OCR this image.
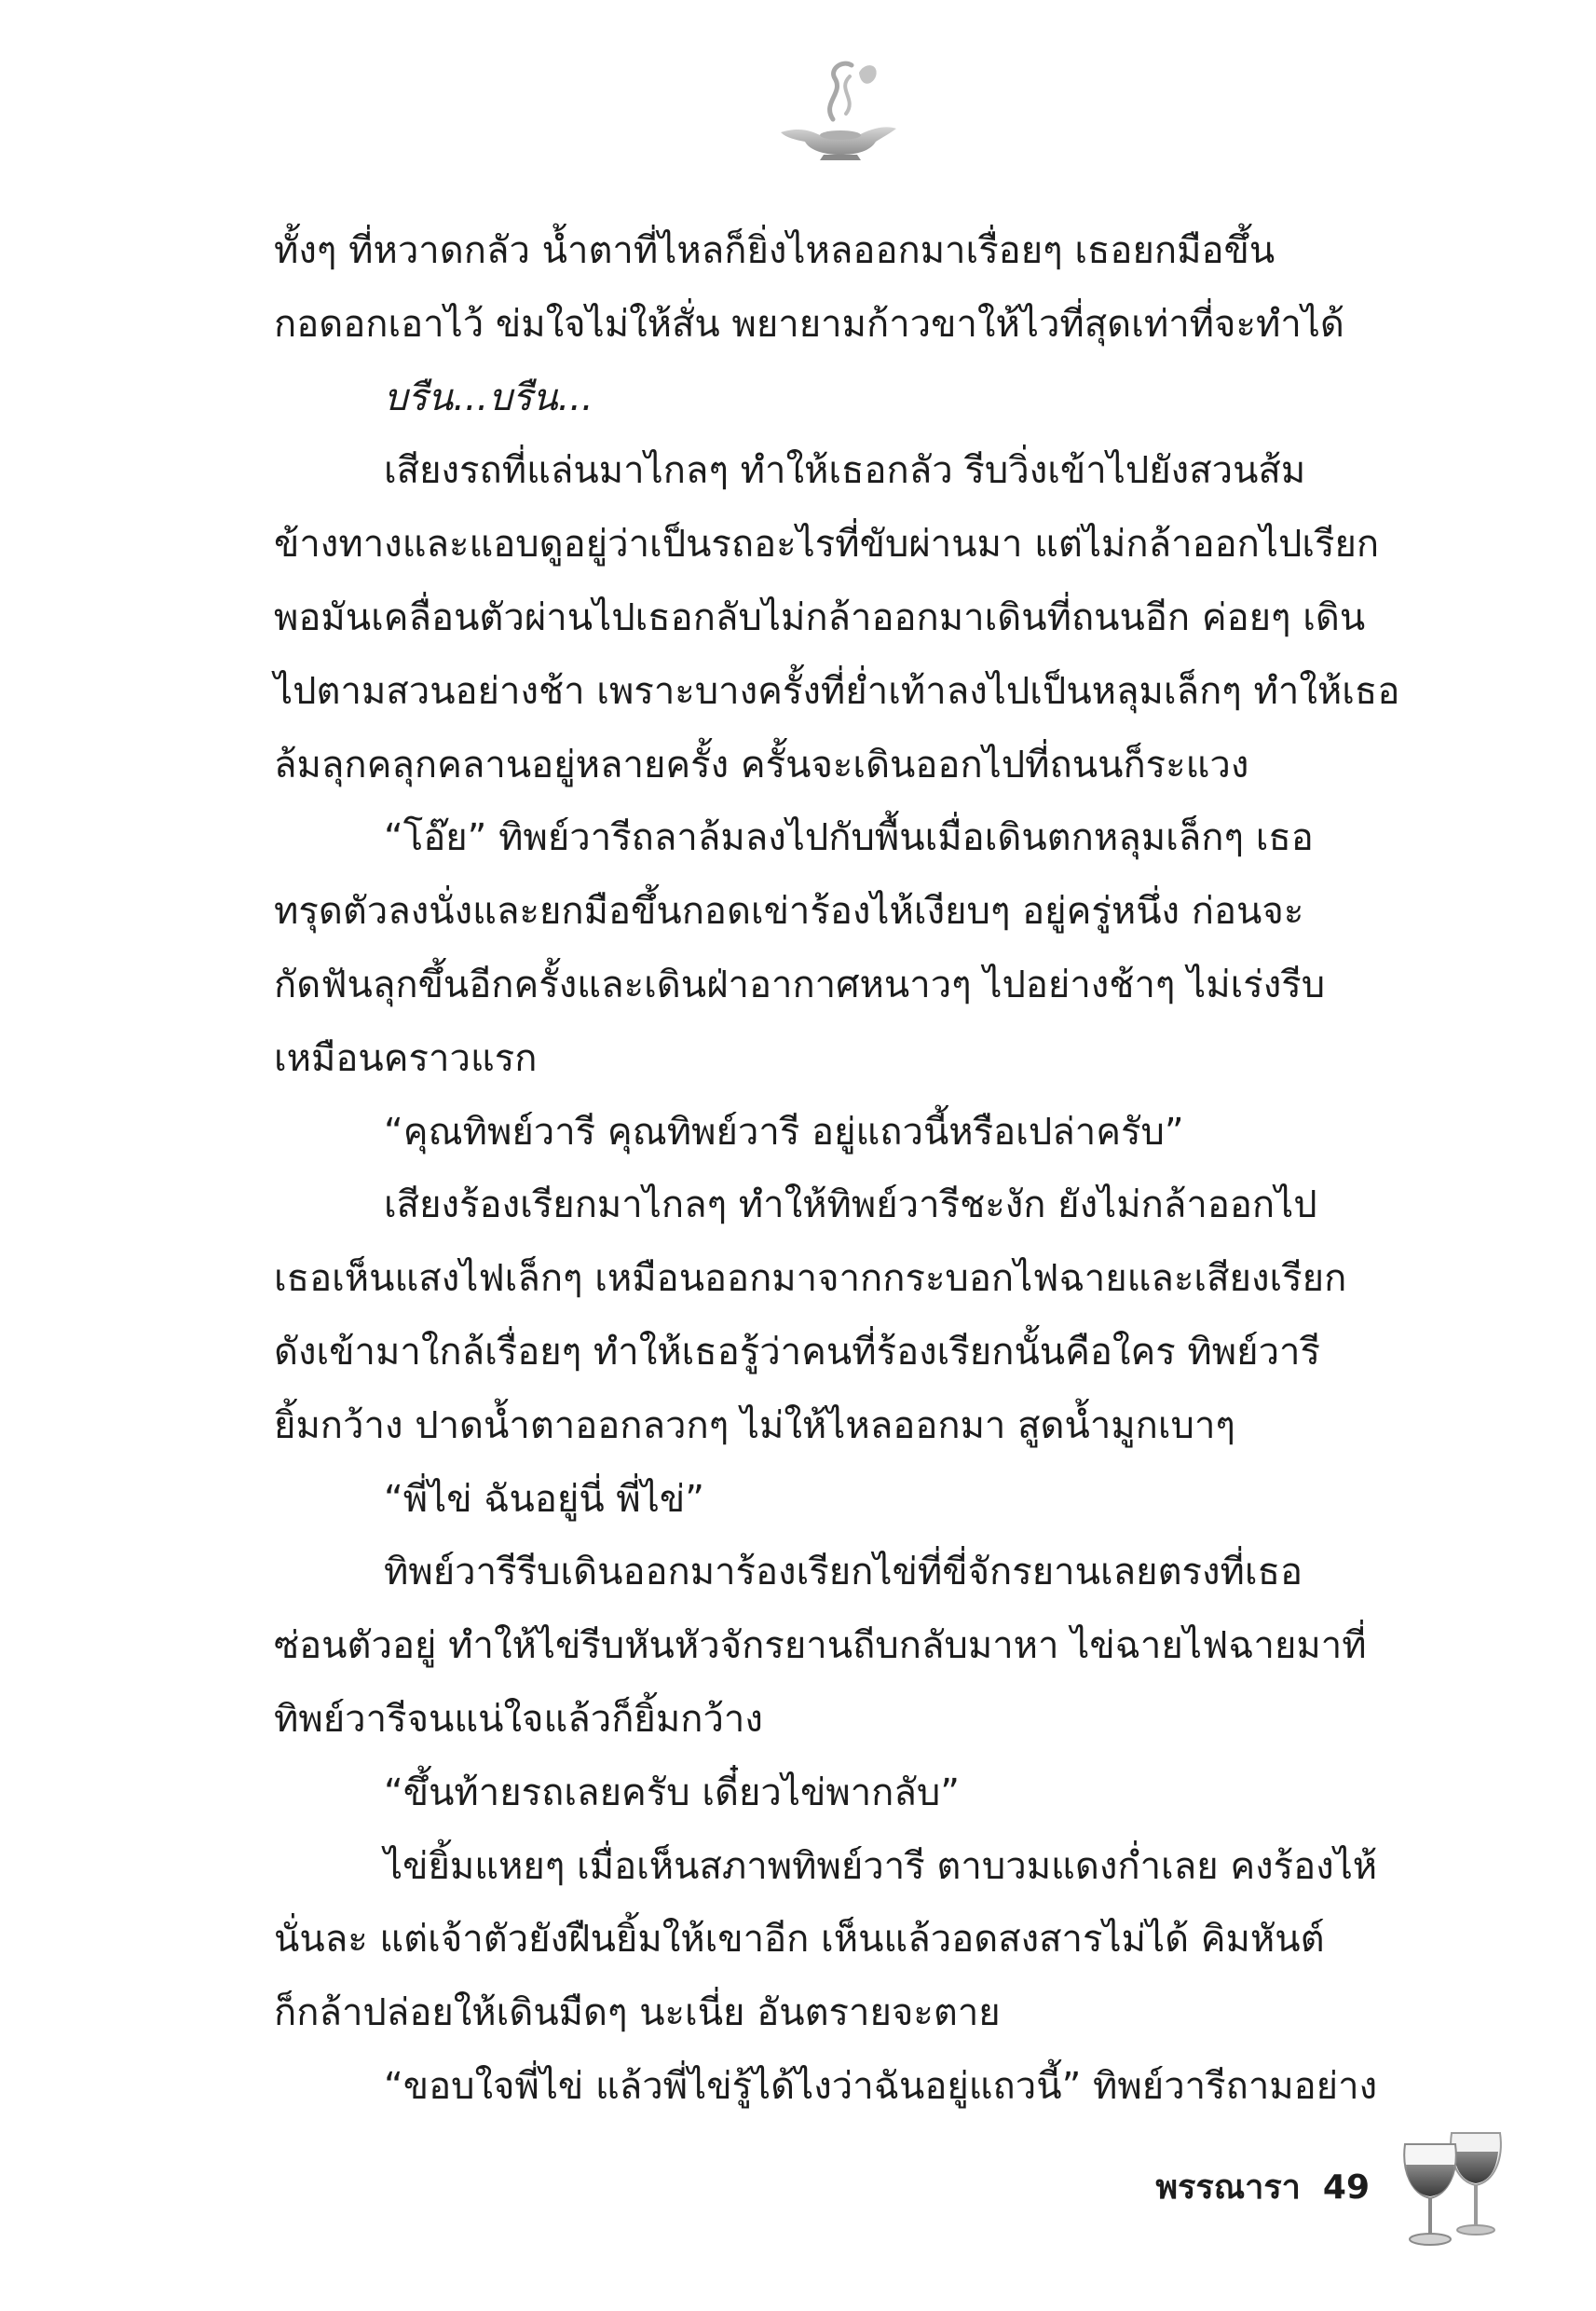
ทั้งๆ ที่หวาดกลัว น้ำตาที่ไหลก็ยิ่งไหลออกมาเรื่อยๆ เธอยกมือขึ้น
กอดอกเอาไว้ ข่มใจไม่ให้สั่น พยายามก้าวขาให้ไวที่สุดเท่าที่จะทำได้
บรืน...บรืน...
เสียงรถที่แล่นมาไกลๆ ทำให้เธอกลัว รีบวิ่งเข้าไปยังสวนส้ม
ข้างทางและแอบดูอยู่ว่าเป็นรถอะไรที่ขับผ่านมา แต่ไม่กล้าออกไปเรียก
พอมันเคลื่อนตัวผ่านไปเธอกลับไม่กล้าออกมาเดินที่ถนนอีก ค่อยๆ เดิน
ไปตามสวนอย่างช้า เพราะบางครั้งที่ย่ำเท้าลงไปเป็นหลุมเล็กๆ ทำให้เธอ
ล้มลุกคลุกคลานอยู่หลายครั้ง ครั้นจะเดินออกไปที่ถนนก็ระแวง
“โอ๊ย” ทิพย์วารีถลาล้มลงไปกับพื้นเมื่อเดินตกหลุมเล็กๆ เธอ
ทรุดตัวลงนั่งและยกมือขึ้นกอดเข่าร้องไห้เงียบๆ อยู่ครู่หนึ่ง ก่อนจะ
กัดฟันลุกขึ้นอีกครั้งและเดินฝ่าอากาศหนาวๆ ไปอย่างช้าๆ ไม่เร่งรีบ
เหมือนคราวแรก
“คุณทิพย์วารี คุณทิพย์วารี อยู่แถวนี้หรือเปล่าครับ”
เสียงร้องเรียกมาไกลๆ ทำให้ทิพย์วารีชะงัก ยังไม่กล้าออกไป
เธอเห็นแสงไฟเล็กๆ เหมือนออกมาจากกระบอกไฟฉายและเสียงเรียก
ดังเข้ามาใกล้เรื่อยๆ ทำให้เธอรู้ว่าคนที่ร้องเรียกนั้นคือใคร ทิพย์วารี
ยิ้มกว้าง ปาดน้ำตาออกลวกๆ ไม่ให้ไหลออกมา สูดน้ำมูกเบาๆ
“พี่ไข่ ฉันอยู่นี่ พี่ไข่”
ทิพย์วารีรีบเดินออกมาร้องเรียกไข่ที่ขี่จักรยานเลยตรงที่เธอ
ซ่อนตัวอยู่ ทำให้ไข่รีบหันหัวจักรยานถีบกลับมาหา ไข่ฉายไฟฉายมาที่
ทิพย์วารีจนแน่ใจแล้วก็ยิ้มกว้าง
“ขึ้นท้ายรถเลยครับ เดี๋ยวไข่พากลับ”
ไข่ยิ้มแหยๆ เมื่อเห็นสภาพทิพย์วารี ตาบวมแดงก่ำเลย คงร้องไห้
นั่นละ แต่เจ้าตัวยังฝืนยิ้มให้เขาอีก เห็นแล้วอดสงสารไม่ได้ คิมหันต์
ก็กล้าปล่อยให้เดินมืดๆ นะเนี่ย อันตรายจะตาย
“ขอบใจพี่ไข่ แล้วพี่ไข่รู้ได้ไงว่าฉันอยู่แถวนี้” ทิพย์วารีถามอย่าง
พรรณารา 49
